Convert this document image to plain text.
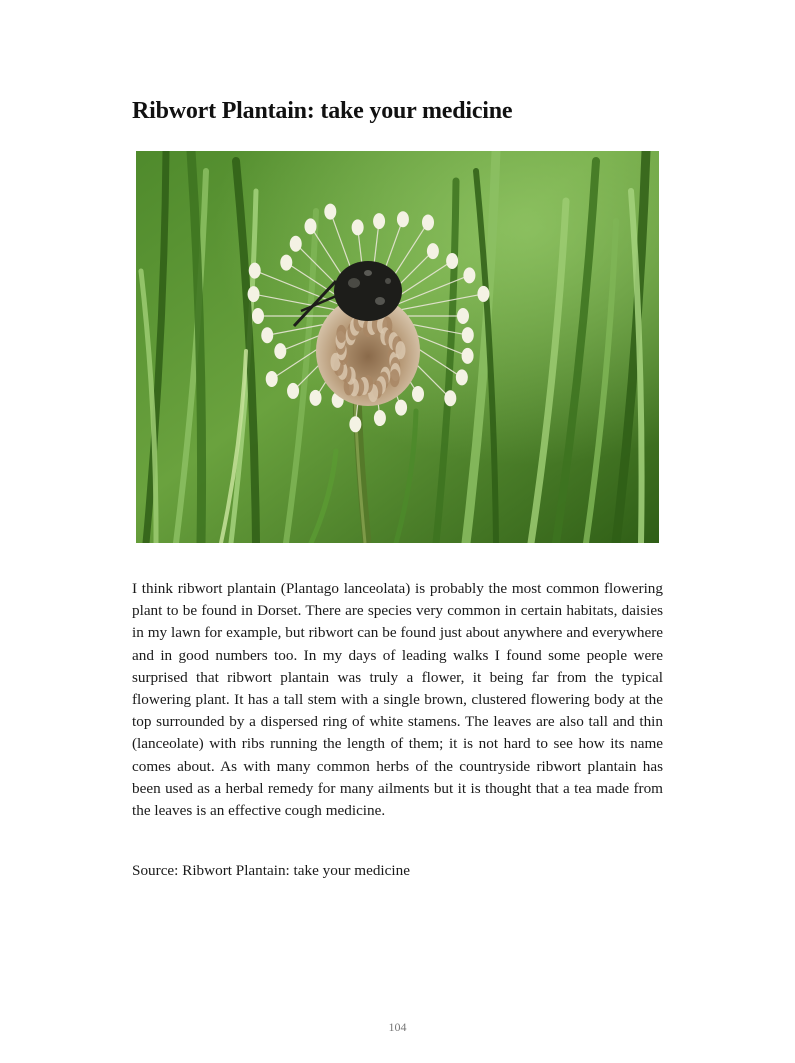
Ribwort Plantain: take your medicine

I think ribwort plantain (Plantago lanceolata) is probably the most common flowering plant to be found in Dorset. There are species very common in certain habitats, daisies in my lawn for example, but ribwort can be found just about anywhere and everywhere and in good numbers too. In my days of leading walks I found some people were surprised that ribwort plantain was truly a flower, it being far from the typical flowering plant. It has a tall stem with a single brown, clustered flowering body at the top surrounded by a dispersed ring of white stamens. The leaves are also tall and thin (lanceolate) with ribs running the length of them; it is not hard to see how its name comes about. As with many common herbs of the countryside ribwort plantain has been used as a herbal remedy for many ailments but it is thought that a tea made from the leaves is an effective cough medicine.

Source: Ribwort Plantain: take your medicine

104
